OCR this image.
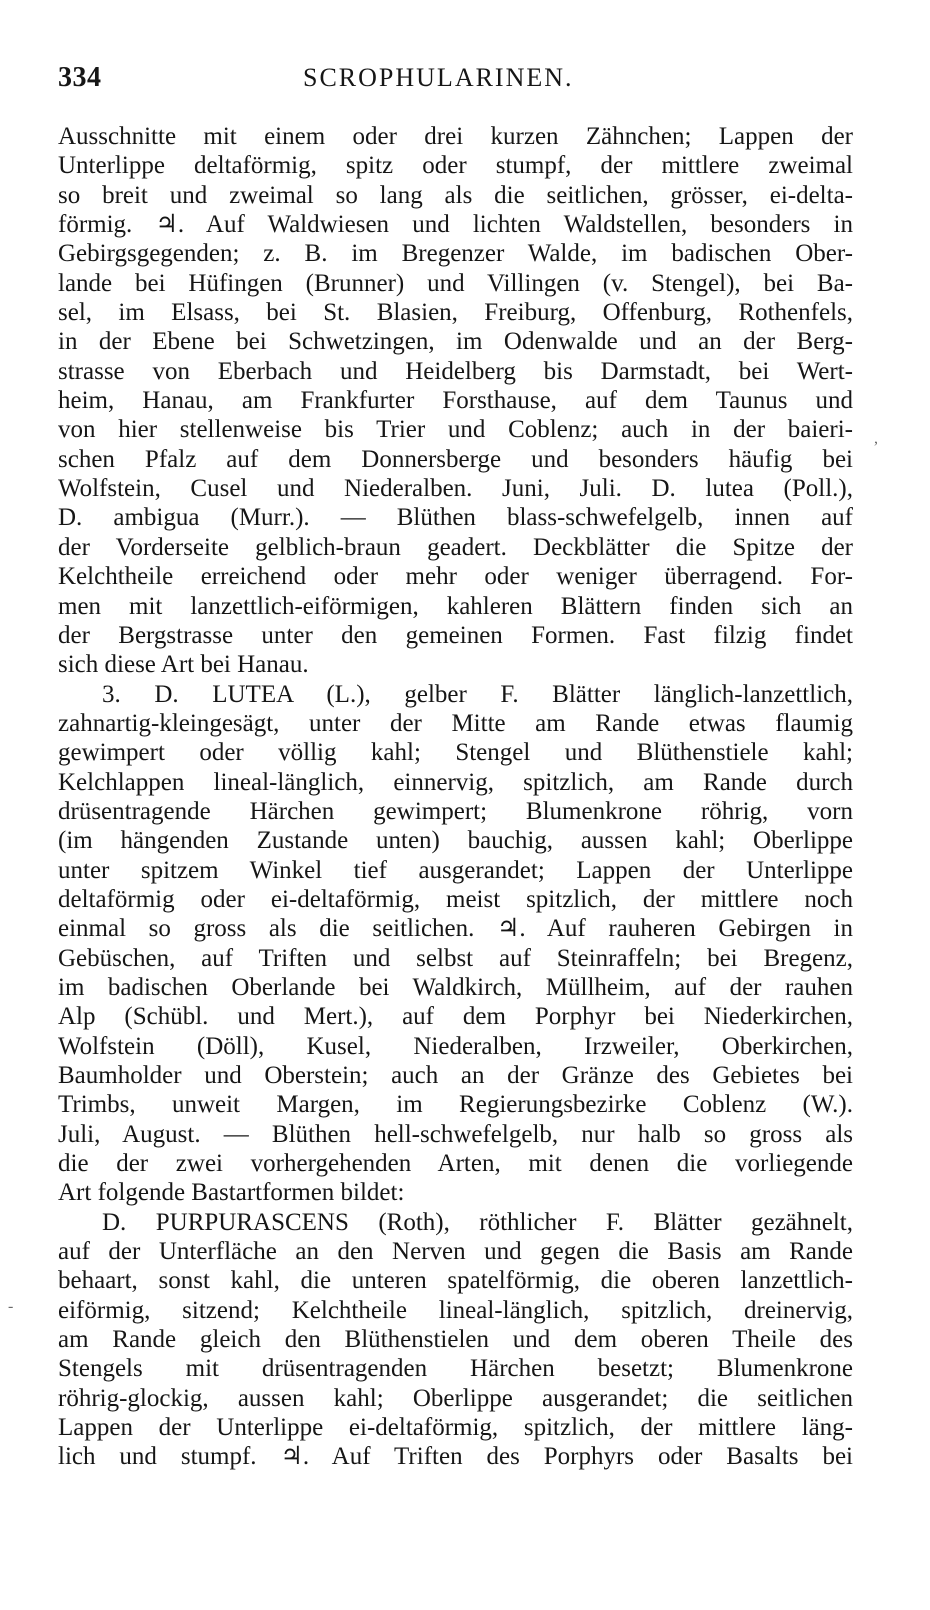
334	SCROPHULARINEN.
Ausschnitte mit einem oder drei kurzen Zähnchen; Lappen der
Unterlippe deltaförmig, spitz oder stumpf, der mittlere zweimal
so breit und zweimal so lang als die seitlichen, grösser, ei-delta-
förmig. ♃. Auf Waldwiesen und lichten Waldstellen, besonders in
Gebirgsgegenden; z. B. im Bregenzer Walde, im badischen Ober-
lande bei Hüfingen (Brunner) und Villingen (v. Stengel), bei Ba-
sel, im Elsass, bei St. Blasien, Freiburg, Offenburg, Rothenfels,
in der Ebene bei Schwetzingen, im Odenwalde und an der Berg-
strasse von Eberbach und Heidelberg bis Darmstadt, bei Wert-
heim, Hanau, am Frankfurter Forsthause, auf dem Taunus und
von hier stellenweise bis Trier und Coblenz; auch in der baieri-
schen Pfalz auf dem Donnersberge und besonders häufig bei
Wolfstein, Cusel und Niederalben. Juni, Juli. D. lutea (Poll.),
D. ambigua (Murr.). — Blüthen blass-schwefelgelb, innen auf
der Vorderseite gelblich-braun geadert. Deckblätter die Spitze der
Kelchtheile erreichend oder mehr oder weniger überragend. For-
men mit lanzettlich-eiförmigen, kahleren Blättern finden sich an
der Bergstrasse unter den gemeinen Formen. Fast filzig findet
sich diese Art bei Hanau.
3. D. LUTEA (L.), gelber F. Blätter länglich-lanzettlich,
zahnartig-kleingesägt, unter der Mitte am Rande etwas flaumig
gewimpert oder völlig kahl; Stengel und Blüthenstiele kahl;
Kelchlappen lineal-länglich, einnervig, spitzlich, am Rande durch
drüsentragende Härchen gewimpert; Blumenkrone röhrig, vorn
(im hängenden Zustande unten) bauchig, aussen kahl; Oberlippe
unter spitzem Winkel tief ausgerandet; Lappen der Unterlippe
deltaförmig oder ei-deltaförmig, meist spitzlich, der mittlere noch
einmal so gross als die seitlichen. ♃. Auf rauheren Gebirgen in
Gebüschen, auf Triften und selbst auf Steinraffeln; bei Bregenz,
im badischen Oberlande bei Waldkirch, Müllheim, auf der rauhen
Alp (Schübl. und Mert.), auf dem Porphyr bei Niederkirchen,
Wolfstein (Döll), Kusel, Niederalben, Irzweiler, Oberkirchen,
Baumholder und Oberstein; auch an der Gränze des Gebietes bei
Trimbs, unweit Margen, im Regierungsbezirke Coblenz (W.).
Juli, August. — Blüthen hell-schwefelgelb, nur halb so gross als
die der zwei vorhergehenden Arten, mit denen die vorliegende
Art folgende Bastartformen bildet:
D. PURPURASCENS (Roth), röthlicher F. Blätter gezähnelt,
auf der Unterfläche an den Nerven und gegen die Basis am Rande
behaart, sonst kahl, die unteren spatelförmig, die oberen lanzettlich-
eiförmig, sitzend; Kelchtheile lineal-länglich, spitzlich, dreinervig,
am Rande gleich den Blüthenstielen und dem oberen Theile des
Stengels mit drüsentragenden Härchen besetzt; Blumenkrone
röhrig-glockig, aussen kahl; Oberlippe ausgerandet; die seitlichen
Lappen der Unterlippe ei-deltaförmig, spitzlich, der mittlere läng-
lich und stumpf. ♃. Auf Triften des Porphyrs oder Basalts bei
,
-
